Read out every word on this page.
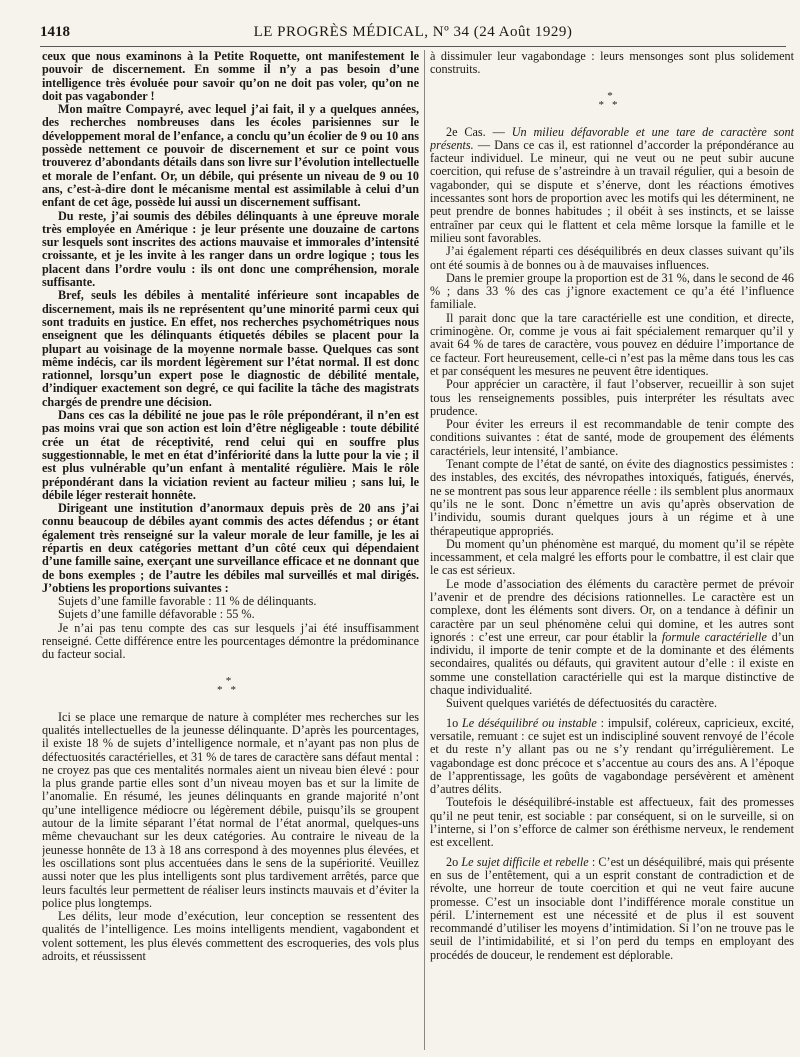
1418	LE PROGRÈS MÉDICAL, Nº 34 (24 Août 1929)

ceux que nous examinons à la Petite Roquette, ont manifestement le pouvoir de discernement. En somme il n’y a pas besoin d’une intelligence très évoluée pour savoir qu’on ne doit pas voler, qu’on ne doit pas vagabonder !

Mon maître Compayré, avec lequel j’ai fait, il y a quelques années, des recherches nombreuses dans les écoles parisiennes sur le développement moral de l’enfance, a conclu qu’un écolier de 9 ou 10 ans possède nettement ce pouvoir de discernement et sur ce point vous trouverez d’abondants détails dans son livre sur l’évolution intellectuelle et morale de l’enfant. Or, un débile, qui présente un niveau de 9 ou 10 ans, c’est-à-dire dont le mécanisme mental est assimilable à celui d’un enfant de cet âge, possède lui aussi un discernement suffisant.

Du reste, j’ai soumis des débiles délinquants à une épreuve morale très employée en Amérique : je leur présente une douzaine de cartons sur lesquels sont inscrites des actions mauvaise et immorales d’intensité croissante, et je les invite à les ranger dans un ordre logique ; tous les placent dans l’ordre voulu : ils ont donc une compréhension, morale suffisante.

Bref, seuls les débiles à mentalité inférieure sont incapables de discernement, mais ils ne représentent qu’une minorité parmi ceux qui sont traduits en justice. En effet, nos recherches psychométriques nous enseignent que les délinquants étiquetés débiles se placent pour la plupart au voisinage de la moyenne normale basse. Quelques cas sont même indécis, car ils mordent légèrement sur l’état normal. Il est donc rationnel, lorsqu’un expert pose le diagnostic de débilité mentale, d’indiquer exactement son degré, ce qui facilite la tâche des magistrats chargés de prendre une décision.

Dans ces cas la débilité ne joue pas le rôle prépondérant, il n’en est pas moins vrai que son action est loin d’être négligeable : toute débilité crée un état de réceptivité, rend celui qui en souffre plus suggestionnable, le met en état d’infériorité dans la lutte pour la vie ; il est plus vulnérable qu’un enfant à mentalité régulière. Mais le rôle prépondérant dans la viciation revient au facteur milieu ; sans lui, le débile léger resterait honnête.

Dirigeant une institution d’anormaux depuis près de 20 ans j’ai connu beaucoup de débiles ayant commis des actes défendus ; or étant également très renseigné sur la valeur morale de leur famille, je les ai répartis en deux catégories mettant d’un côté ceux qui dépendaient d’une famille saine, exerçant une surveillance efficace et ne donnant que de bons exemples ; de l’autre les débiles mal surveillés et mal dirigés. J’obtiens les proportions suivantes :

Sujets d’une famille favorable : 11 % de délinquants.

Sujets d’une famille défavorable : 55 %.

Je n’ai pas tenu compte des cas sur lesquels j’ai été insuffisamment renseigné. Cette différence entre les pourcentages démontre la prédominance du facteur social.

*
**

Ici se place une remarque de nature à compléter mes recherches sur les qualités intellectuelles de la jeunesse délinquante. D’après les pourcentages, il existe 18 % de sujets d’intelligence normale, et n’ayant pas non plus de défectuosités caractérielles, et 31 % de tares de caractère sans défaut mental : ne croyez pas que ces mentalités normales aient un niveau bien élevé : pour la plus grande partie elles sont d’un niveau moyen bas et sur la limite de l’anomalie. En résumé, les jeunes délinquants en grande majorité n’ont qu’une intelligence médiocre ou légèrement débile, puisqu’ils se groupent autour de la limite séparant l’état normal de l’état anormal, quelques-uns même chevauchant sur les deux catégories. Au contraire le niveau de la jeunesse honnête de 13 à 18 ans correspond à des moyennes plus élevées, et les oscillations sont plus accentuées dans le sens de la supériorité. Veuillez aussi noter que les plus intelligents sont plus tardivement arrêtés, parce que leurs facultés leur permettent de réaliser leurs instincts mauvais et d’éviter la police plus longtemps.

Les délits, leur mode d’exécution, leur conception se ressentent des qualités de l’intelligence. Les moins intelligents mendient, vagabondent et volent sottement, les plus élevés commettent des escroqueries, des vols plus adroits, et réussissent

à dissimuler leur vagabondage : leurs mensonges sont plus solidement construits.

*
**

2e Cas. — Un milieu défavorable et une tare de caractère sont présents. — Dans ce cas il, est rationnel d’accorder la prépondérance au facteur individuel. Le mineur, qui ne veut ou ne peut subir aucune coercition, qui refuse de s’astreindre à un travail régulier, qui a besoin de vagabonder, qui se dispute et s’énerve, dont les réactions émotives incessantes sont hors de proportion avec les motifs qui les déterminent, ne peut prendre de bonnes habitudes ; il obéit à ses instincts, et se laisse entraîner par ceux qui le flattent et cela même lorsque la famille et le milieu sont favorables.

J’ai également réparti ces déséquilibrés en deux classes suivant qu’ils ont été soumis à de bonnes ou à de mauvaises influences.

Dans le premier groupe la proportion est de 31 %, dans le second de 46 % ; dans 33 % des cas j’ignore exactement ce qu’a été l’influence familiale.

Il parait donc que la tare caractérielle est une condition, et directe, criminogène. Or, comme je vous ai fait spécialement remarquer qu’il y avait 64 % de tares de caractère, vous pouvez en déduire l’importance de ce facteur. Fort heureusement, celle-ci n’est pas la même dans tous les cas et par conséquent les mesures ne peuvent être identiques.

Pour apprécier un caractère, il faut l’observer, recueillir à son sujet tous les renseignements possibles, puis interpréter les résultats avec prudence.

Pour éviter les erreurs il est recommandable de tenir compte des conditions suivantes : état de santé, mode de groupement des éléments caractériels, leur intensité, l’ambiance.

Tenant compte de l’état de santé, on évite des diagnostics pessimistes : des instables, des excités, des névropathes intoxiqués, fatigués, énervés, ne se montrent pas sous leur apparence réelle : ils semblent plus anormaux qu’ils ne le sont. Donc n’émettre un avis qu’après observation de l’individu, soumis durant quelques jours à un régime et à une thérapeutique appropriés.

Du moment qu’un phénomène est marqué, du moment qu’il se répète incessamment, et cela malgré les efforts pour le combattre, il est clair que le cas est sérieux.

Le mode d’association des éléments du caractère permet de prévoir l’avenir et de prendre des décisions rationnelles. Le caractère est un complexe, dont les éléments sont divers. Or, on a tendance à définir un caractère par un seul phénomène celui qui domine, et les autres sont ignorés : c’est une erreur, car pour établir la formule caractérielle d’un individu, il importe de tenir compte et de la dominante et des éléments secondaires, qualités ou défauts, qui gravitent autour d’elle : il existe en somme une constellation caractérielle qui est la marque distinctive de chaque individualité.

Suivent quelques variétés de défectuosités du caractère.

1o Le déséquilibré ou instable : impulsif, coléreux, capricieux, excité, versatile, remuant : ce sujet est un indiscipliné souvent renvoyé de l’école et du reste n’y allant pas ou ne s’y rendant qu’irrégulièrement. Le vagabondage est donc précoce et s’accentue au cours des ans. A l’époque de l’apprentissage, les goûts de vagabondage persévèrent et amènent d’autres délits.

Toutefois le déséquilibré-instable est affectueux, fait des promesses qu’il ne peut tenir, est sociable : par conséquent, si on le surveille, si on l’interne, si l’on s’efforce de calmer son éréthisme nerveux, le rendement est excellent.

2o Le sujet difficile et rebelle : C’est un déséquilibré, mais qui présente en sus de l’entêtement, qui a un esprit constant de contradiction et de révolte, une horreur de toute coercition et qui ne veut faire aucune promesse. C’est un insociable dont l’indifférence morale constitue un péril. L’internement est une nécessité et de plus il est souvent recommandé d’utiliser les moyens d’intimidation. Si l’on ne trouve pas le seuil de l’intimidabilité, et si l’on perd du temps en employant des procédés de douceur, le rendement est déplorable.
